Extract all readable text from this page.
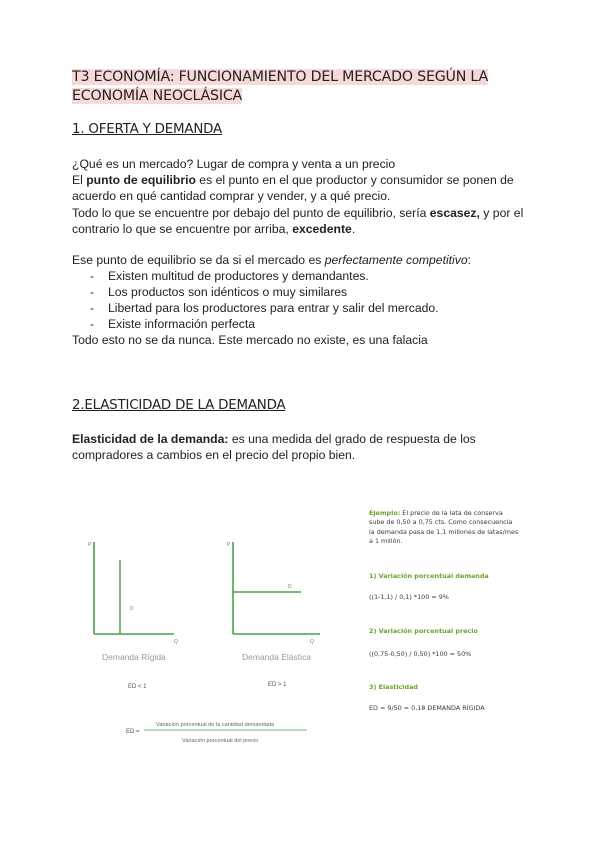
T3 ECONOMÍA: FUNCIONAMIENTO DEL MERCADO SEGÚN LA
ECONOMÍA NEOCLÁSICA
1. OFERTA Y DEMANDA

¿Qué es un mercado? Lugar de compra y venta a un precio

El punto de equilibrio es el punto en el que productor y consumidor se ponen de acuerdo en qué cantidad comprar y vender, y a qué precio.

Todo lo que se encuentre por debajo del punto de equilibrio, sería escasez, y por el contrario lo que se encuentre por arriba, excedente.

Ese punto de equilibrio se da si el mercado es perfectamente competitivo:

-	Existen multitud de productores y demandantes.
-	Los productos son idénticos o muy similares
-	Libertad para los productores para entrar y salir del mercado.
-	Existe información perfecta
Todo esto no se da nunca. Este mercado no existe, es una falacia
2.ELASTICIDAD DE LA DEMANDA

Elasticidad de la demanda: es una medida del grado de respuesta de los compradores a cambios en el precio del propio bien.

P
Q
D
Demanda Rígida
ED < 1
P
Q
D
Demanda Elástica
ED > 1
ED =
Variación porcentual de la cantidad demandada
Variación porcentual del precio
Ejemplo: El precio de la lata de conserva sube de 0,50 a 0,75 cts. Como consecuencia la demanda pasa de 1,1 millones de latas/mes a 1 millón.
1) Variación porcentual demanda
((1-1,1) / 0,1) *100 = 9%
2) Variación porcentual precio
((0,75-0,50) / 0,50) *100 = 50%
3) Elasticidad
ED = 9/50 = 0,18 DEMANDA RÍGIDA
